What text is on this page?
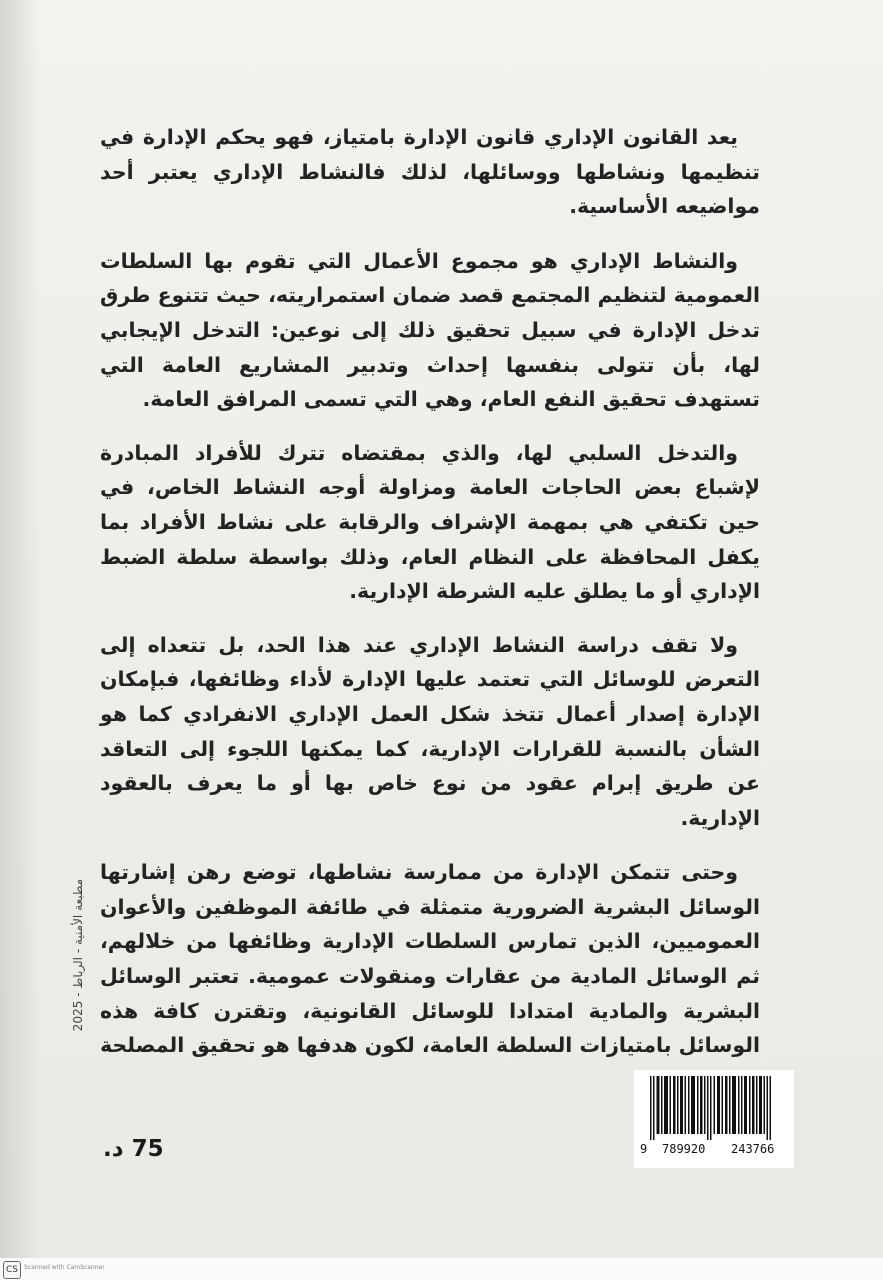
يعد القانون الإداري قانون الإدارة بامتياز، فهو يحكم الإدارة في تنظيمها ونشاطها ووسائلها، لذلك فالنشاط الإداري يعتبر أحد مواضيعه الأساسية.

والنشاط الإداري هو مجموع الأعمال التي تقوم بها السلطات العمومية لتنظيم المجتمع قصد ضمان استمراريته، حيث تتنوع طرق تدخل الإدارة في سبيل تحقيق ذلك إلى نوعين: التدخل الإيجابي لها، بأن تتولى بنفسها إحداث وتدبير المشاريع العامة التي تستهدف تحقيق النفع العام، وهي التي تسمى المرافق العامة.

والتدخل السلبي لها، والذي بمقتضاه تترك للأفراد المبادرة لإشباع بعض الحاجات العامة ومزاولة أوجه النشاط الخاص، في حين تكتفي هي بمهمة الإشراف والرقابة على نشاط الأفراد بما يكفل المحافظة على النظام العام، وذلك بواسطة سلطة الضبط الإداري أو ما يطلق عليه الشرطة الإدارية.

ولا تقف دراسة النشاط الإداري عند هذا الحد، بل تتعداه إلى التعرض للوسائل التي تعتمد عليها الإدارة لأداء وظائفها، فبإمكان الإدارة إصدار أعمال تتخذ شكل العمل الإداري الانفرادي كما هو الشأن بالنسبة للقرارات الإدارية، كما يمكنها اللجوء إلى التعاقد عن طريق إبرام عقود من نوع خاص بها أو ما يعرف بالعقود الإدارية.

وحتى تتمكن الإدارة من ممارسة نشاطها، توضع رهن إشارتها الوسائل البشرية الضرورية متمثلة في طائفة الموظفين والأعوان العموميين، الذين تمارس السلطات الإدارية وظائفها من خلالهم، ثم الوسائل المادية من عقارات ومنقولات عمومية. تعتبر الوسائل البشرية والمادية امتدادا للوسائل القانونية، وتقترن كافة هذه الوسائل بامتيازات السلطة العامة، لكون هدفها هو تحقيق المصلحة

مطبعة الأمنية - الرباط - 2025
9 789920 243766
75 د.
CS	Scanned with CamScanner
